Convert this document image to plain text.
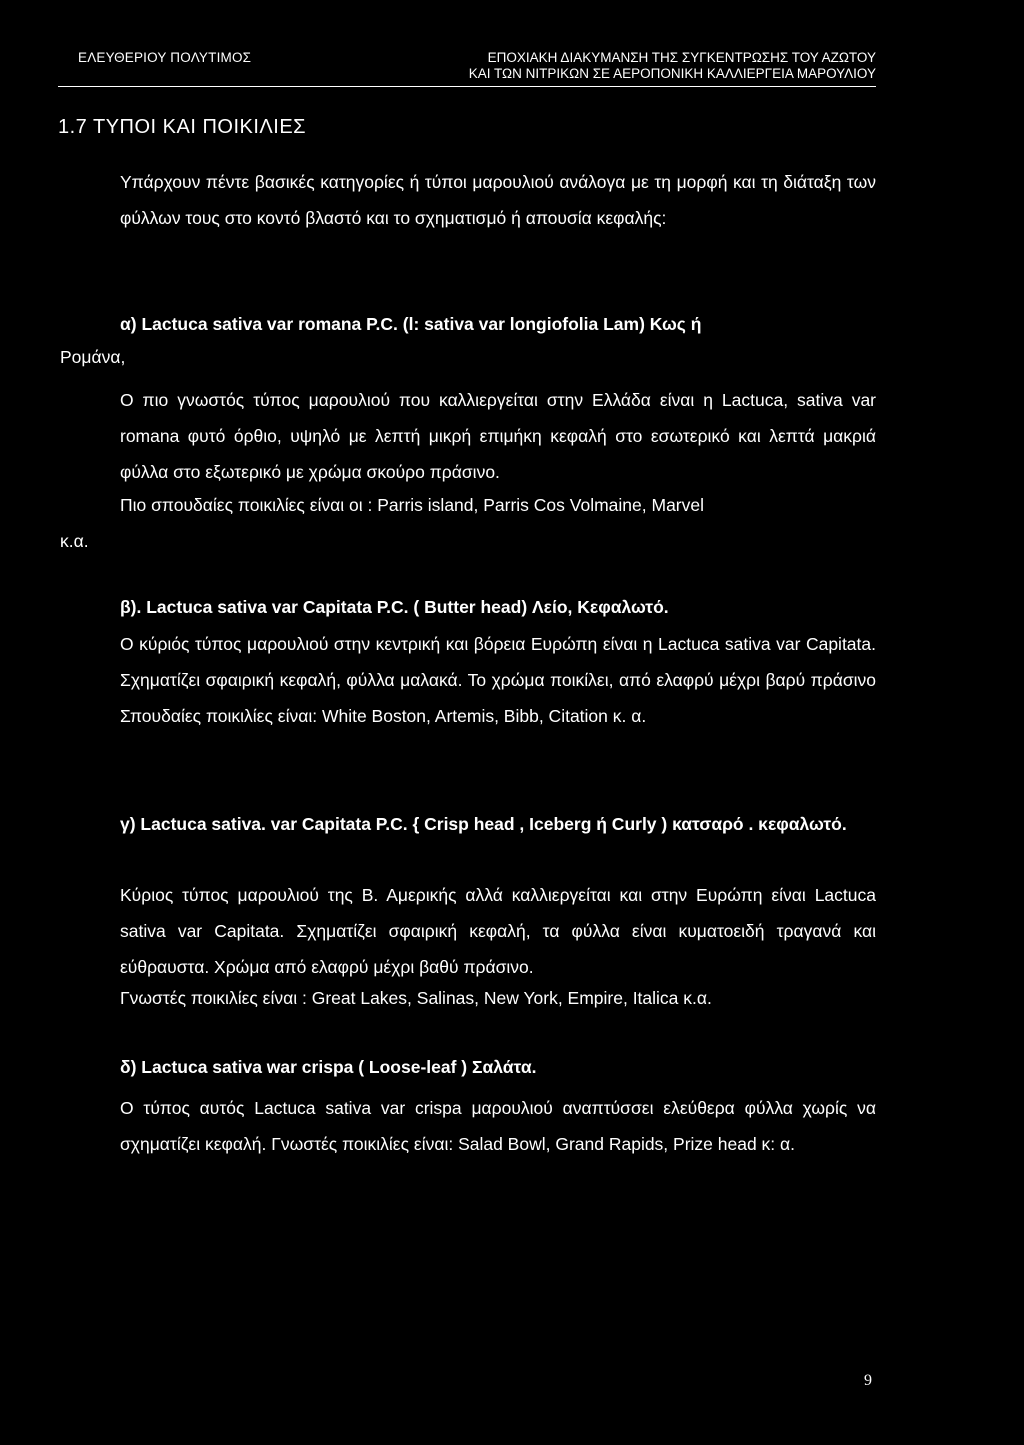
ΕΛΕΥΘΕΡΙΟΥ ΠΟΛΥΤΙΜΟΣ	ΕΠΟΧΙΑΚΗ ΔΙΑΚΥΜΑΝΣΗ ΤΗΣ ΣΥΓΚΕΝΤΡΩΣΗΣ ΤΟΥ ΑΖΩΤΟΥ
ΚΑΙ ΤΩΝ ΝΙΤΡΙΚΩΝ ΣΕ ΑΕΡΟΠΟΝΙΚΗ ΚΑΛΛΙΕΡΓΕΙΑ ΜΑΡΟΥΛΙΟΥ
1.7 ΤΥΠΟΙ ΚΑΙ ΠΟΙΚΙΛΙΕΣ
Υπάρχουν πέντε βασικές κατηγορίες ή τύποι μαρουλιού ανάλογα με τη μορφή και τη διάταξη των φύλλων τους στο κοντό βλαστό και το σχηματισμό ή απουσία κεφαλής:
α) Lactuca sativa var romana P.C. (l: sativa var longiofolia Lam) Κως ή
Ρομάνα,
Ο πιο γνωστός τύπος μαρουλιού που καλλιεργείται στην Ελλάδα είναι η Lactuca, sativa var romana φυτό όρθιο, υψηλό με λεπτή μικρή επιμήκη κεφαλή στο εσωτερικό και λεπτά μακριά φύλλα στο εξωτερικό με χρώμα σκούρο πράσινο.
Πιο σπουδαίες ποικιλίες είναι οι : Parris island, Parris Cos Volmaine, Marvel
κ.α.
β). Lactuca sativa var Capitata P.C. ( Butter head) Λείο, Κεφαλωτό.
Ο κύριός τύπος μαρουλιού στην κεντρική και βόρεια Ευρώπη είναι η Lactuca sativa var Capitata. Σχηματίζει σφαιρική κεφαλή, φύλλα μαλακά. Το χρώμα ποικίλει, από ελαφρύ μέχρι βαρύ πράσινο Σπουδαίες ποικιλίες είναι: White Boston, Artemis, Bibb, Citation κ. α.
γ) Lactuca sativa. var Capitata P.C. { Crisp head , Iceberg ή Curly ) κατσαρό . κεφαλωτό.
Κύριος τύπος μαρουλιού της Β. Αμερικής αλλά καλλιεργείται και στην Ευρώπη είναι Lactuca sativa var Capitata. Σχηματίζει σφαιρική κεφαλή, τα φύλλα είναι κυματοειδή τραγανά και εύθραυστα. Χρώμα από ελαφρύ μέχρι βαθύ πράσινο.
Γνωστές ποικιλίες είναι : Great Lakes, Salinas, New York, Empire, Italica κ.α.
δ) Lactuca sativa war crispa ( Loose-leaf ) Σαλάτα.
Ο τύπος αυτός Lactuca sativa var crispa μαρουλιού αναπτύσσει ελεύθερα φύλλα χωρίς να σχηματίζει κεφαλή. Γνωστές ποικιλίες είναι: Salad Bowl, Grand Rapids, Prize head κ: α.
9
